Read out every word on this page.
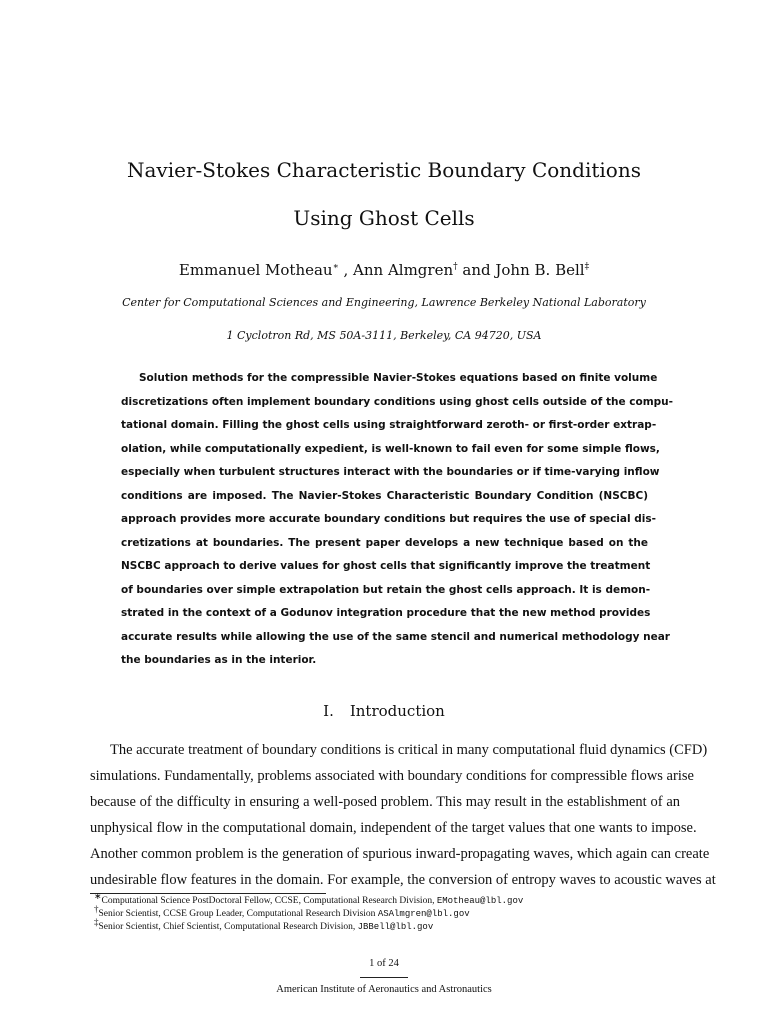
Navier-Stokes Characteristic Boundary Conditions
Using Ghost Cells
Emmanuel Motheau∗ , Ann Almgren† and John B. Bell‡
Center for Computational Sciences and Engineering, Lawrence Berkeley National Laboratory
1 Cyclotron Rd, MS 50A-3111, Berkeley, CA 94720, USA
Solution methods for the compressible Navier-Stokes equations based on finite volume
discretizations often implement boundary conditions using ghost cells outside of the compu-
tational domain. Filling the ghost cells using straightforward zeroth- or first-order extrap-
olation, while computationally expedient, is well-known to fail even for some simple flows,
especially when turbulent structures interact with the boundaries or if time-varying inflow
conditions are imposed. The Navier-Stokes Characteristic Boundary Condition (NSCBC)
approach provides more accurate boundary conditions but requires the use of special dis-
cretizations at boundaries. The present paper develops a new technique based on the
NSCBC approach to derive values for ghost cells that significantly improve the treatment
of boundaries over simple extrapolation but retain the ghost cells approach. It is demon-
strated in the context of a Godunov integration procedure that the new method provides
accurate results while allowing the use of the same stencil and numerical methodology near
the boundaries as in the interior.
I. Introduction
The accurate treatment of boundary conditions is critical in many computational fluid dynamics (CFD)
simulations. Fundamentally, problems associated with boundary conditions for compressible flows arise
because of the difficulty in ensuring a well-posed problem. This may result in the establishment of an
unphysical flow in the computational domain, independent of the target values that one wants to impose.
Another common problem is the generation of spurious inward-propagating waves, which again can create
undesirable flow features in the domain. For example, the conversion of entropy waves to acoustic waves at
∗Computational Science PostDoctoral Fellow, CCSE, Computational Research Division, EMotheau@lbl.gov
†Senior Scientist, CCSE Group Leader, Computational Research Division ASAlmgren@lbl.gov
‡Senior Scientist, Chief Scientist, Computational Research Division, JBBell@lbl.gov
1 of 24
American Institute of Aeronautics and Astronautics
